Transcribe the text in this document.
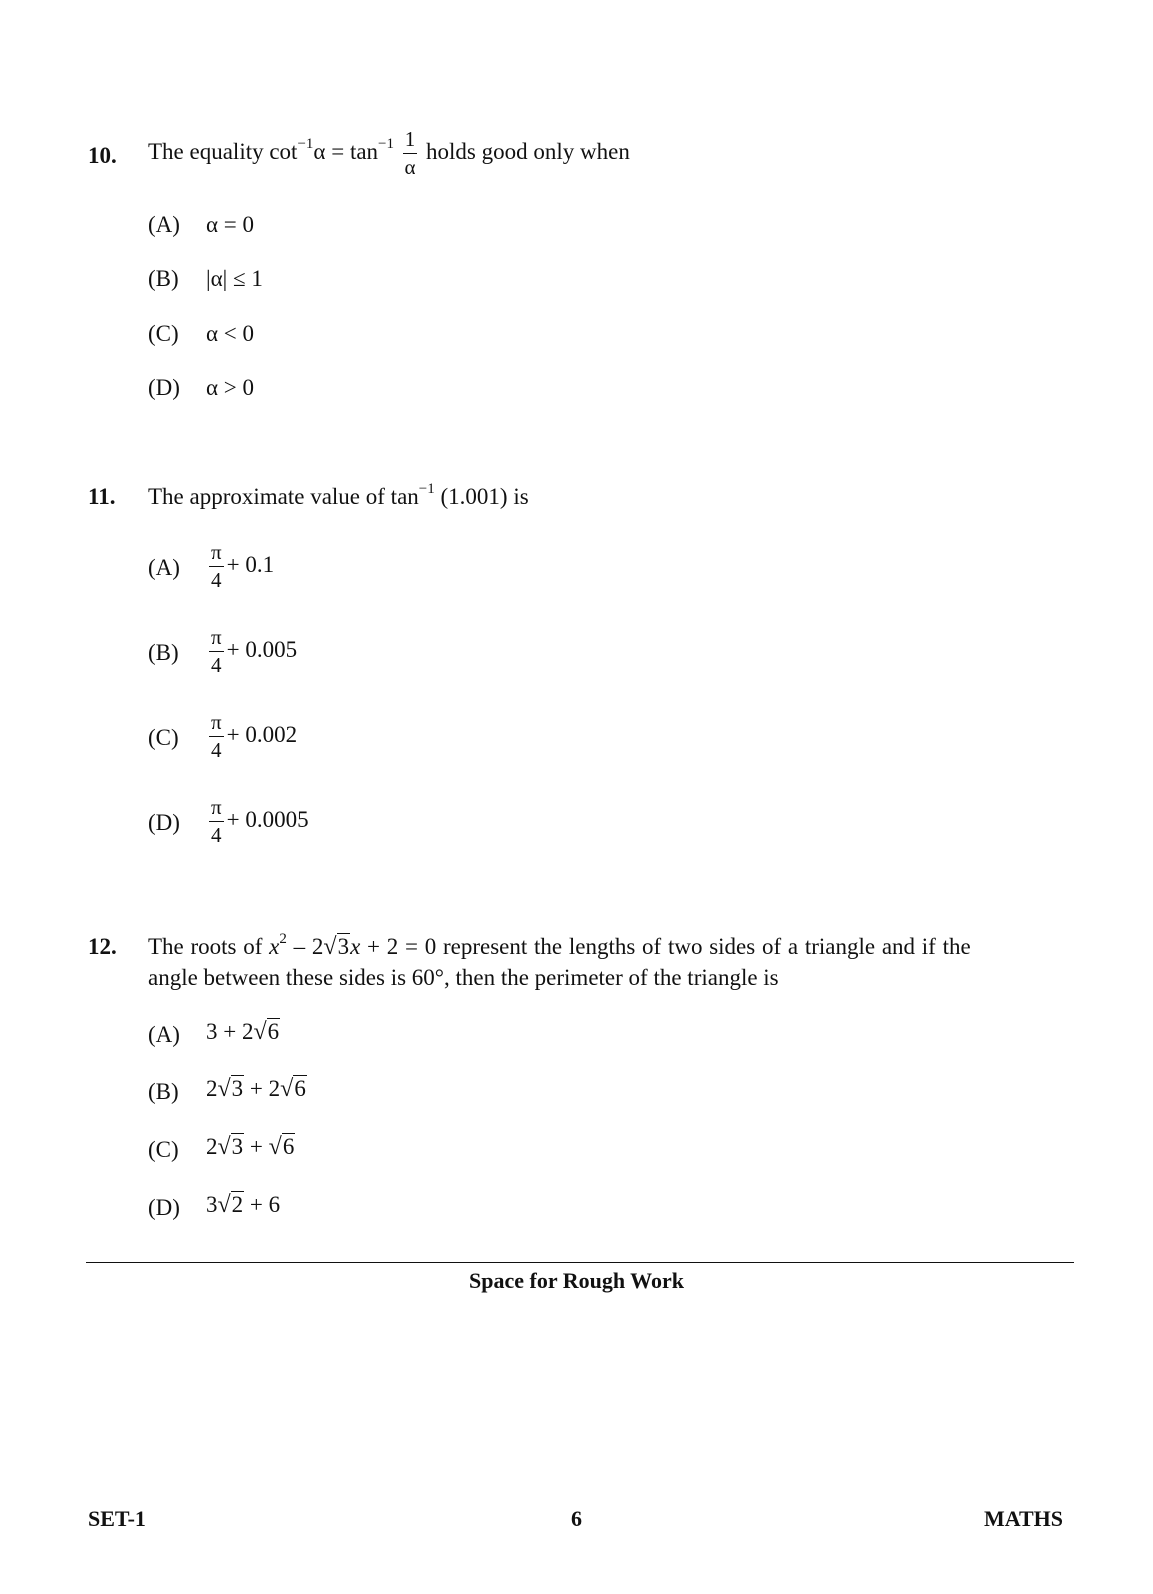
10. The equality $\cot^{-1}\alpha = \tan^{-1} \frac{1}{\alpha}$ holds good only when
(A) α = 0
(B) |α| ≤ 1
(C) α < 0
(D) α > 0
11. The approximate value of $\tan^{-1} (1.001)$ is
$(A) \frac{\pi}{4} + 0.1$
$(B) \frac{\pi}{4} + 0.005$
$(C) \frac{\pi}{4} + 0.002$
$(D) \frac{\pi}{4} + 0.0005$
12. The roots of $x^2 - 2√3x + 2 = 0$ represent the lengths of two sides of a triangle and if the
angle between these sides is 60°, then the perimeter of the triangle is
(A) 3 + 2√6
(B) 2√3 + 2√6
(C) 2√3 + √6
(D) 3√2 + 6
Space for Rough Work
SET-1	6	MATHS
